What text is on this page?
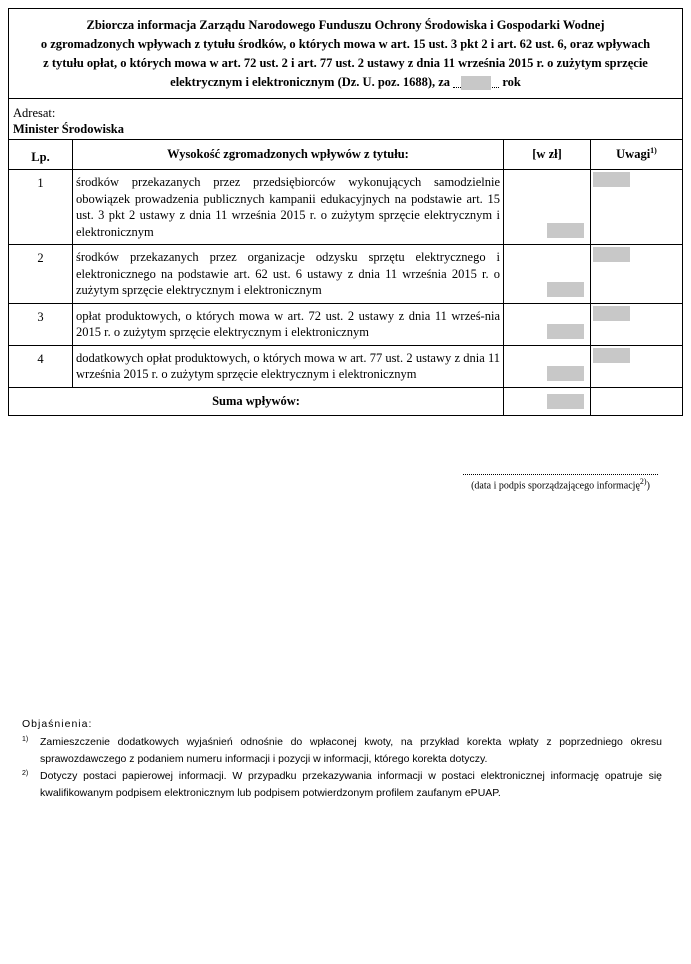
Zbiorcza informacja Zarządu Narodowego Funduszu Ochrony Środowiska i Gospodarki Wodnej
o zgromadzonych wpływach z tytułu środków, o których mowa w art. 15 ust. 3 pkt 2 i art. 62 ust. 6, oraz wpływach
z tytułu opłat, o których mowa w art. 72 ust. 2 i art. 77 ust. 2 ustawy z dnia 11 września 2015 r. o zużytym sprzęcie
elektrycznym i elektronicznym (Dz. U. poz. 1688), za	rok
Adresat:
Minister Środowiska
Lp.	Wysokość zgromadzonych wpływów z tytułu:	[w zł]	Uwagi$^{1)}$
1	środków przekazanych przez przedsiębiorców wykonujących samodzielnie obowiązek prowadzenia publicznych kampanii edukacyjnych na podstawie art. 15 ust. 3 pkt 2 ustawy z dnia 11 września 2015 r. o zużytym sprzęcie elektrycznym i elektronicznym	

2	środków przekazanych przez organizacje odzysku sprzętu elektrycznego i elektronicznego na podstawie art. 62 ust. 6 ustawy z dnia 11 września 2015 r. o zużytym sprzęcie elektrycznym i elektronicznym	

3	opłat produktowych, o których mowa w art. 72 ust. 2 ustawy z dnia 11 wrześ-nia 2015 r. o zużytym sprzęcie elektrycznym i elektronicznym	

4	dodatkowych opłat produktowych, o których mowa w art. 77 ust. 2 ustawy z dnia 11 września 2015 r. o zużytym sprzęcie elektrycznym i elektronicznym	

Suma wpływów:		

(data i podpis sporządzającego informację$^{2)}$)
Objaśnienia:
1)	Zamieszczenie dodatkowych wyjaśnień odnośnie do wpłaconej kwoty, na przykład korekta wpłaty z poprzedniego okresu sprawozdawczego z podaniem numeru informacji i pozycji w informacji, którego korekta dotyczy.
2)	Dotyczy postaci papierowej informacji. W przypadku przekazywania informacji w postaci elektronicznej informację opatruje się kwalifikowanym podpisem elektronicznym lub podpisem potwierdzonym profilem zaufanym ePUAP.
